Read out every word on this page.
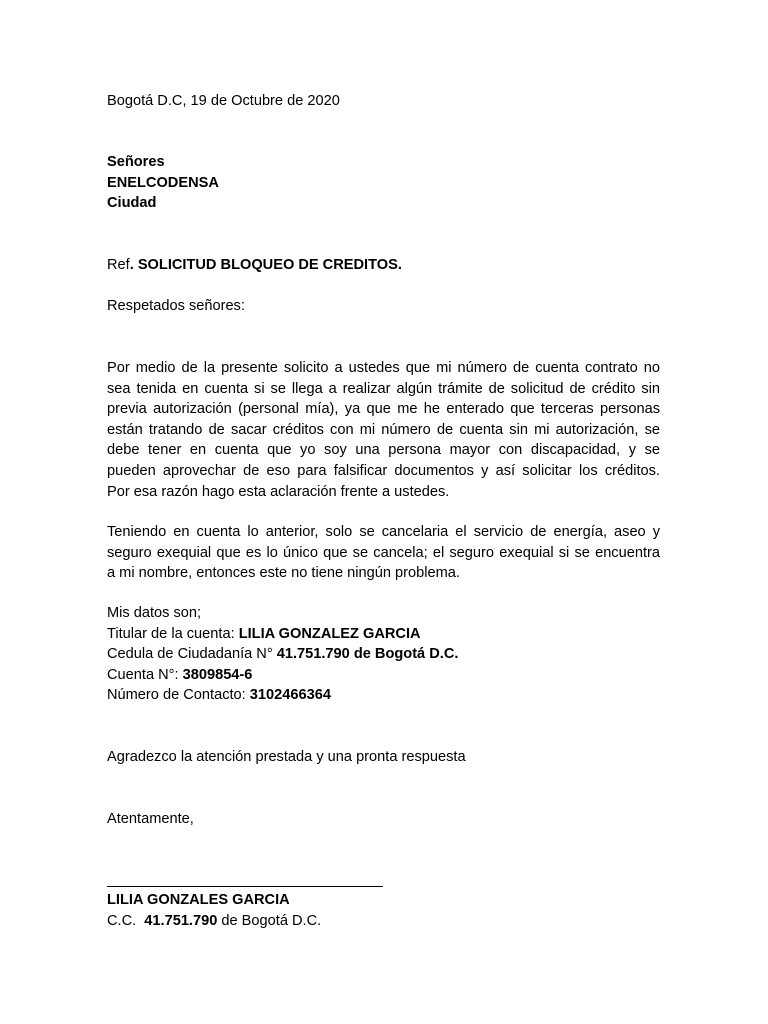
Bogotá D.C, 19 de Octubre de 2020
Señores
ENELCODENSA
Ciudad
Ref. SOLICITUD BLOQUEO DE CREDITOS.
Respetados señores:
Por medio de la presente solicito a ustedes que mi número de cuenta contrato no
sea tenida en cuenta si se llega a realizar algún trámite de solicitud de crédito sin
previa autorización (personal mía), ya que me he enterado que terceras personas
están tratando de sacar créditos con mi número de cuenta sin mi autorización, se
debe tener en cuenta que yo soy una persona mayor con discapacidad, y se
pueden aprovechar de eso para falsificar documentos y así solicitar los créditos.
Por esa razón hago esta aclaración frente a ustedes.
Teniendo en cuenta lo anterior, solo se cancelaria el servicio de energía, aseo y
seguro exequial que es lo único que se cancela; el seguro exequial si se encuentra
a mi nombre, entonces este no tiene ningún problema.
Mis datos son;
Titular de la cuenta: LILIA GONZALEZ GARCIA
Cedula de Ciudadanía N° 41.751.790 de Bogotá D.C.
Cuenta N°: 3809854-6
Número de Contacto: 3102466364
Agradezco la atención prestada y una pronta respuesta
Atentamente,
LILIA GONZALES GARCIA
C.C.  41.751.790 de Bogotá D.C.
